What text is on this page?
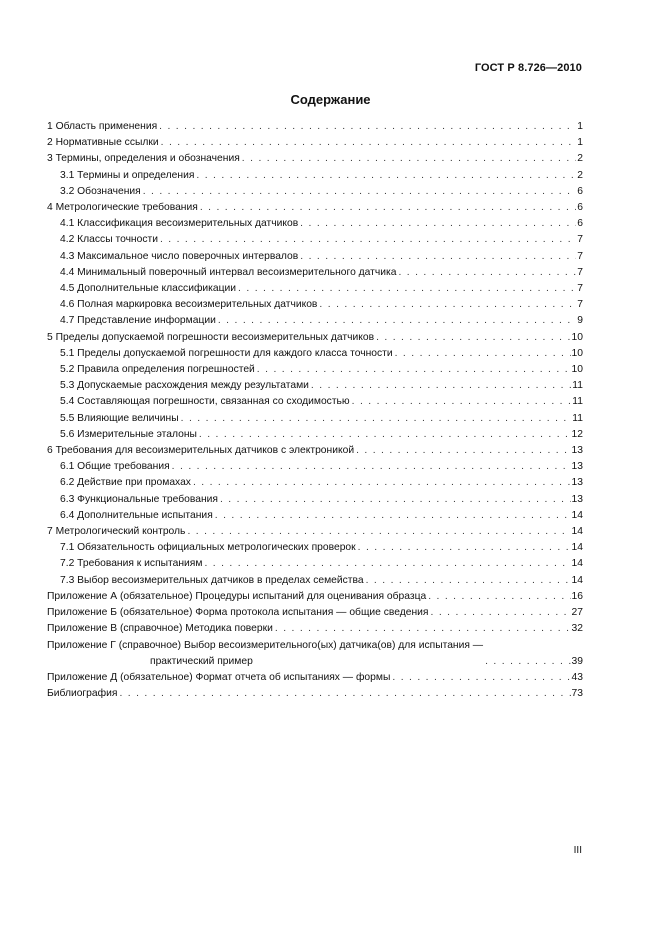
ГОСТ Р 8.726—2010
Содержание
1 Область применения . . .	1
2 Нормативные ссылки . . .	1
3 Термины, определения и обозначения . . .	2
3.1 Термины и определения . . .	2
3.2 Обозначения . . .	6
4 Метрологические требования . . .	6
4.1 Классификация весоизмерительных датчиков . . .	6
4.2 Классы точности . . .	7
4.3 Максимальное число поверочных интервалов . . .	7
4.4 Минимальный поверочный интервал весоизмерительного датчика . . .	7
4.5 Дополнительные классификации . . .	7
4.6 Полная маркировка весоизмерительных датчиков . . .	7
4.7 Представление информации . . .	9
5 Пределы допускаемой погрешности весоизмерительных датчиков . . .	10
5.1 Пределы допускаемой погрешности для каждого класса точности . . .	10
5.2 Правила определения погрешностей . . .	10
5.3 Допускаемые расхождения между результатами . . .	11
5.4 Составляющая погрешности, связанная со сходимостью . . .	11
5.5 Влияющие величины . . .	11
5.6 Измерительные эталоны . . .	12
6 Требования для весоизмерительных датчиков с электроникой . . .	13
6.1 Общие требования . . .	13
6.2 Действие при промахах . . .	13
6.3 Функциональные требования . . .	13
6.4 Дополнительные испытания . . .	14
7 Метрологический контроль . . .	14
7.1 Обязательность официальных метрологических проверок . . .	14
7.2 Требования к испытаниям . . .	14
7.3 Выбор весоизмерительных датчиков в пределах семейства . . .	14
Приложение А (обязательное) Процедуры испытаний для оценивания образца . . .	16
Приложение Б (обязательное) Форма протокола испытания — общие сведения . . .	27
Приложение В (справочное) Методика поверки . . .	32
Приложение Г (справочное) Выбор весоизмерительного(ых) датчика(ов) для испытания —
практический пример . . .	39
Приложение Д (обязательное) Формат отчета об испытаниях — формы . . .	43
Библиография . . .	73
III
